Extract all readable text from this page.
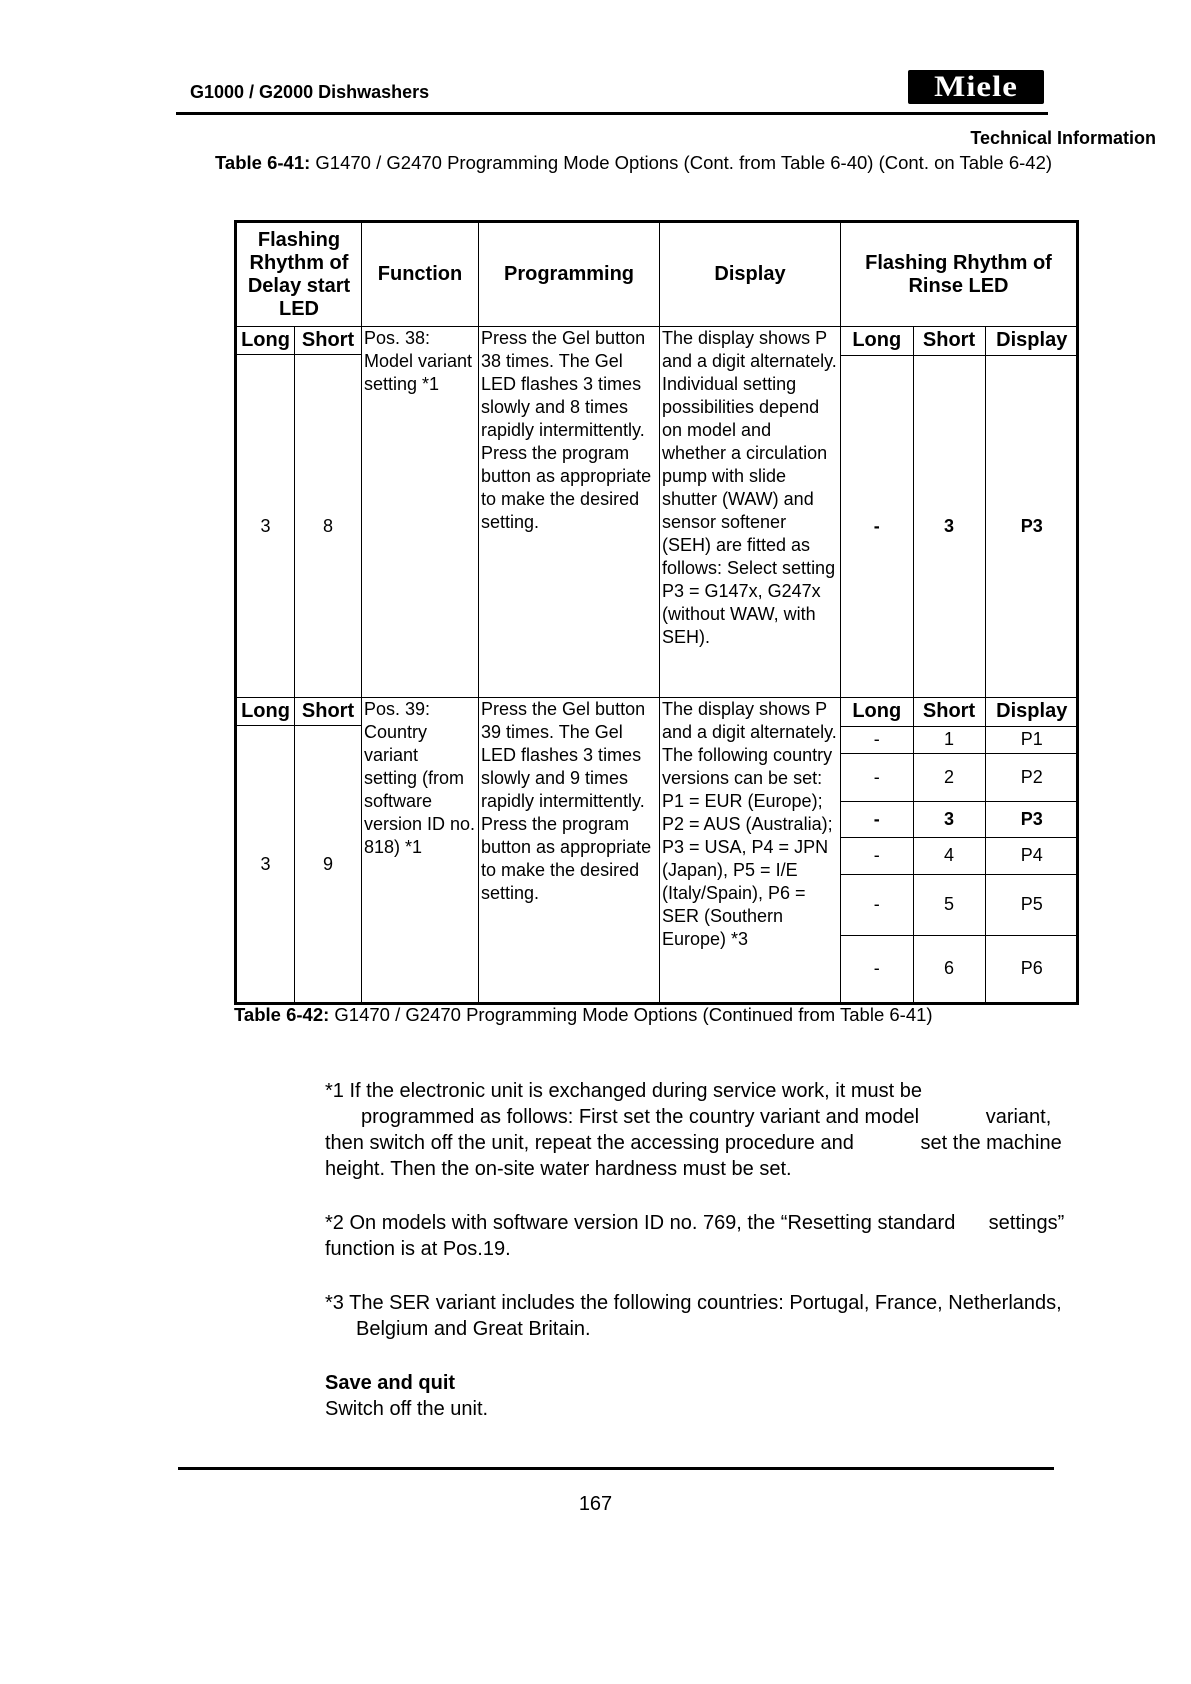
G1000 / G2000 Dishwashers	Miele
Technical Information
Table 6-41: G1470 / G2470 Programming Mode Options (Cont. from Table 6-40) (Cont. on Table 6-42)
Flashing Rhythm of Delay start LED	Function	Programming	Display	Flashing Rhythm of Rinse LED
Long	Short	Pos. 38: Model variant setting *1	Press the Gel button 38 times. The Gel LED flashes 3 times slowly and 8 times rapidly intermittently. Press the program button as appropriate to make the desired setting.	The display shows P and a digit alternately. Individual setting possibilities depend on model and whether a circulation pump with slide shutter (WAW) and sensor softener (SEH) are fitted as follows: Select setting P3 = G147x, G247x (without WAW, with SEH).	
Long	Short	Display
-	3	P3

3	8
Long	Short	Pos. 39: Country variant setting (from software version ID no. 818) *1	Press the Gel button 39 times. The Gel LED flashes 3 times slowly and 9 times rapidly intermittently. Press the program button as appropriate to make the desired setting.	The display shows P and a digit alternately. The following country versions can be set: P1 = EUR (Europe); P2 = AUS (Australia); P3 = USA, P4 = JPN (Japan), P5 = I/E (Italy/Spain), P6 = SER (Southern Europe) *3	
Long	Short	Display
-	1	P1
-	2	P2
-	3	P3
-	4	P4
-	5	P5
-	6	P6

3	9
Table 6-42: G1470 / G2470 Programming Mode Options (Continued from Table 6-41)

*1 If the electronic unit is exchanged during service work, it must be
programmed as follows: First set the country variant and model            variant,
then switch off the unit, repeat the accessing procedure and            set the machine
height. Then the on-site water hardness must be set.

*2 On models with software version ID no. 769, the “Resetting standard      settings”
function is at Pos.19.

*3 The SER variant includes the following countries: Portugal, France, Netherlands,
Belgium and Great Britain.

Save and quit
Switch off the unit.

167
